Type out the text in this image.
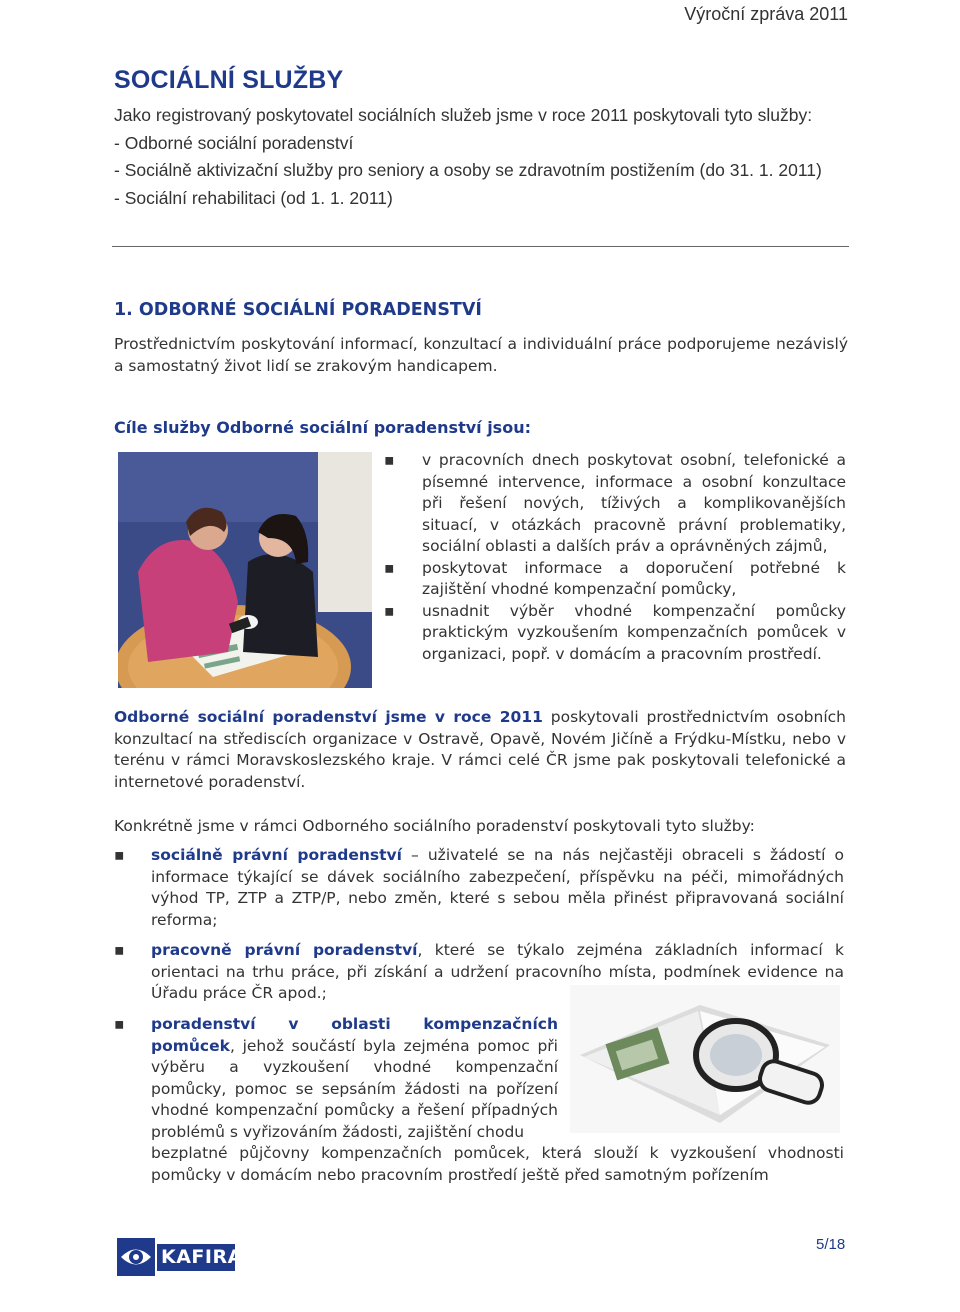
Výroční zpráva 2011
SOCIÁLNÍ SLUŽBY
Jako registrovaný poskytovatel sociálních služeb jsme v roce 2011 poskytovali tyto služby:
- Odborné sociální poradenství
- Sociálně aktivizační služby pro seniory a osoby se zdravotním postižením (do 31. 1. 2011)
- Sociální rehabilitaci (od 1. 1. 2011)
1. ODBORNÉ SOCIÁLNÍ PORADENSTVÍ
Prostřednictvím poskytování informací, konzultací a individuální práce podporujeme nezávislý a samostatný život lidí se zrakovým handicapem.
Cíle služby Odborné sociální poradenství jsou:
▪ v pracovních dnech poskytovat osobní, telefonické a písemné intervence, informace a osobní konzultace při řešení nových, tíživých a komplikovanějších situací, v otázkách pracovně právní problematiky, sociální oblasti a dalších práv a oprávněných zájmů,
▪ poskytovat informace a doporučení potřebné k zajištění vhodné kompenzační pomůcky,
▪ usnadnit výběr vhodné kompenzační pomůcky praktickým vyzkoušením kompenzačních pomůcek v organizaci, popř. v domácím a pracovním prostředí.
Odborné sociální poradenství jsme v roce 2011 poskytovali prostřednictvím osobních konzultací na střediscích organizace v Ostravě, Opavě, Novém Jičíně a Frýdku-Místku, nebo v terénu v rámci Moravskoslezského kraje. V rámci celé ČR jsme pak poskytovali telefonické a internetové poradenství.
Konkrétně jsme v rámci Odborného sociálního poradenství poskytovali tyto služby:
▪ sociálně právní poradenství – uživatelé se na nás nejčastěji obraceli s žádostí o informace týkající se dávek sociálního zabezpečení, příspěvku na péči, mimořádných výhod TP, ZTP a ZTP/P, nebo změn, které s sebou měla přinést připravovaná sociální reforma;
▪ pracovně právní poradenství, které se týkalo zejména základních informací k orientaci na trhu práce, při získání a udržení pracovního místa, podmínek evidence na Úřadu práce ČR apod.;
▪ poradenství v oblasti kompenzačních pomůcek, jehož součástí byla zejména pomoc při výběru a vyzkoušení vhodné kompenzační pomůcky, pomoc se sepsáním žádosti na pořízení vhodné kompenzační pomůcky a řešení případných problémů s vyřizováním žádosti, zajištění chodu
bezplatné půjčovny kompenzačních pomůcek, která slouží k vyzkoušení vhodnosti pomůcky v domácím nebo pracovním prostředí ještě před samotným pořízením
KAFIRA
5/18
